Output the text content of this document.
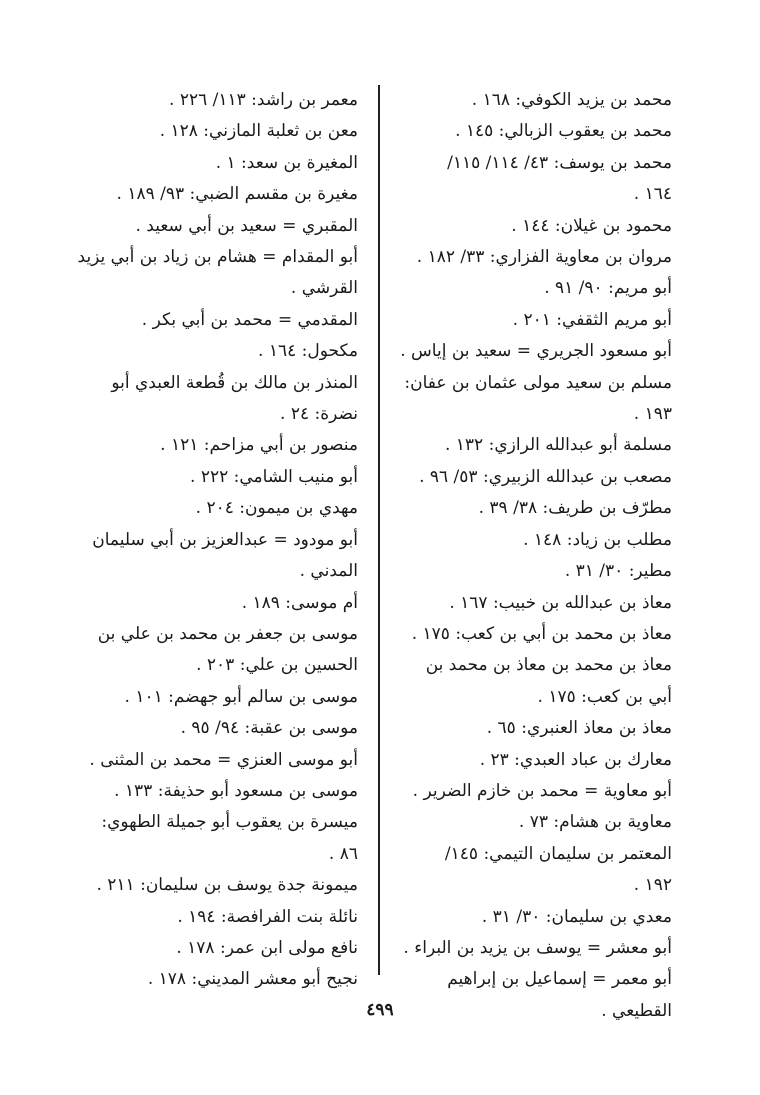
محمد بن يزيد الكوفي: ١٦٨ .
محمد بن يعقوب الزبالي: ١٤٥ .
محمد بن يوسف: ٤٣/ ١١٤/ ١١٥/
١٦٤ .
محمود بن غيلان: ١٤٤ .
مروان بن معاوية الفزاري: ٣٣/ ١٨٢ .
أبو مريم: ٩٠/ ٩١ .
أبو مريم الثقفي: ٢٠١ .
أبو مسعود الجريري = سعيد بن إياس .
مسلم بن سعيد مولى عثمان بن عفان:
١٩٣ .
مسلمة أبو عبدالله الرازي: ١٣٢ .
مصعب بن عبدالله الزبيري: ٥٣/ ٩٦ .
مطرّف بن طريف: ٣٨/ ٣٩ .
مطلب بن زياد: ١٤٨ .
مطير: ٣٠/ ٣١ .
معاذ بن عبدالله بن خبيب: ١٦٧ .
معاذ بن محمد بن أبي بن كعب: ١٧٥ .
معاذ بن محمد بن معاذ بن محمد بن
أبي بن كعب: ١٧٥ .
معاذ بن معاذ العنبري: ٦٥ .
معارك بن عباد العبدي: ٢٣ .
أبو معاوية = محمد بن خازم الضرير .
معاوية بن هشام: ٧٣ .
المعتمر بن سليمان التيمي: ١٤٥/
١٩٢ .
معدي بن سليمان: ٣٠/ ٣١ .
أبو معشر = يوسف بن يزيد بن البراء .
أبو معمر = إسماعيل بن إبراهيم القطيعي .
معمر بن راشد: ١١٣/ ٢٢٦ .
معن بن ثعلبة المازني: ١٢٨ .
المغيرة بن سعد: ١ .
مغيرة بن مقسم الضبي: ٩٣/ ١٨٩ .
المقبري = سعيد بن أبي سعيد .
أبو المقدام = هشام بن زياد بن أبي يزيد
القرشي .
المقدمي = محمد بن أبي بكر .
مكحول: ١٦٤ .
المنذر بن مالك بن قُطعة العبدي أبو
نضرة: ٢٤ .
منصور بن أبي مزاحم: ١٢١ .
أبو منيب الشامي: ٢٢٢ .
مهدي بن ميمون: ٢٠٤ .
أبو مودود = عبدالعزيز بن أبي سليمان
المدني .
أم موسى: ١٨٩ .
موسى بن جعفر بن محمد بن علي بن
الحسين بن علي: ٢٠٣ .
موسى بن سالم أبو جهضم: ١٠١ .
موسى بن عقبة: ٩٤/ ٩٥ .
أبو موسى العنزي = محمد بن المثنى .
موسى بن مسعود أبو حذيفة: ١٣٣ .
ميسرة بن يعقوب أبو جميلة الطهوي:
٨٦ .
ميمونة جدة يوسف بن سليمان: ٢١١ .
نائلة بنت الفرافصة: ١٩٤ .
نافع مولى ابن عمر: ١٧٨ .
نجيح أبو معشر المديني: ١٧٨ .
٤٩٩
